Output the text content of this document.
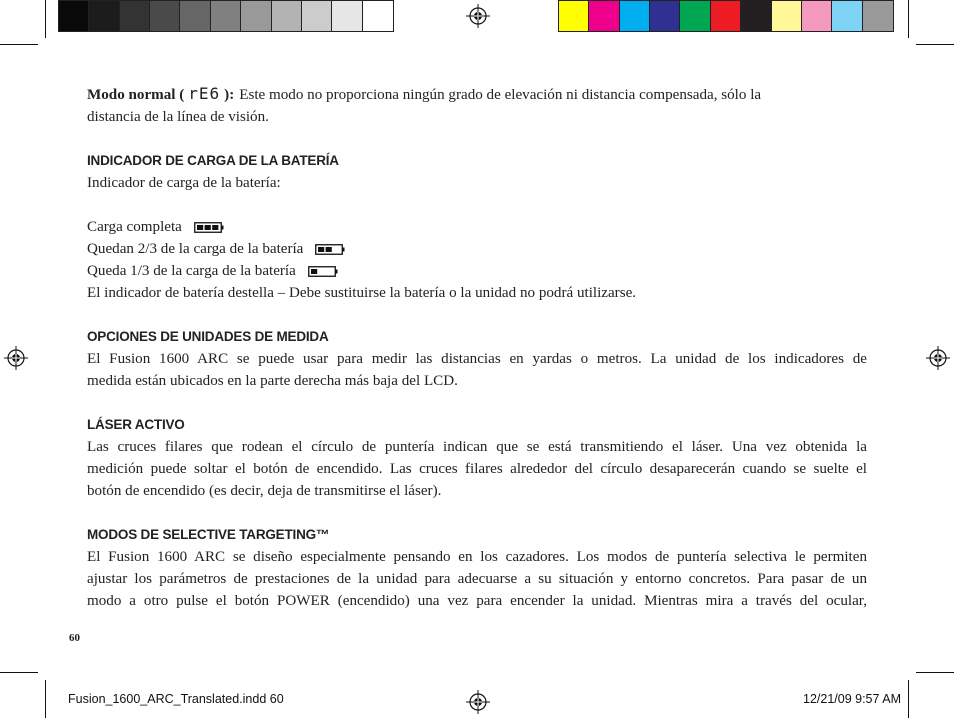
Modo normal ( rE6 ): Este modo no proporciona ningún grado de elevación ni distancia compensada, sólo la
distancia de la línea de visión.

INDICADOR DE CARGA DE LA BATERÍA

Indicador de carga de la batería:
Carga completa
Quedan 2/3 de la carga de la batería
Queda 1/3 de la carga de la batería
El indicador de batería destella – Debe sustituirse la batería o la unidad no podrá utilizarse.

OPCIONES DE UNIDADES DE MEDIDA

El Fusion 1600 ARC se puede usar para medir las distancias en yardas o metros. La unidad de los indicadores de

medida están ubicados en la parte derecha más baja del LCD.

LÁSER ACTIVO

Las cruces filares que rodean el círculo de puntería indican que se está transmitiendo el láser. Una vez obtenida la

medición puede soltar el botón de encendido. Las cruces filares alrededor del círculo desaparecerán cuando se suelte el

botón de encendido (es decir, deja de transmitirse el láser).

MODOS DE SELECTIVE TARGETING™

El Fusion 1600 ARC se diseño especialmente pensando en los cazadores. Los modos de puntería selectiva le permiten

ajustar los parámetros de prestaciones de la unidad para adecuarse a su situación y entorno concretos. Para pasar de un

modo a otro pulse el botón POWER (encendido) una vez para encender la unidad. Mientras mira a través del ocular,

60
Fusion_1600_ARC_Translated.indd 60	12/21/09 9:57 AM
